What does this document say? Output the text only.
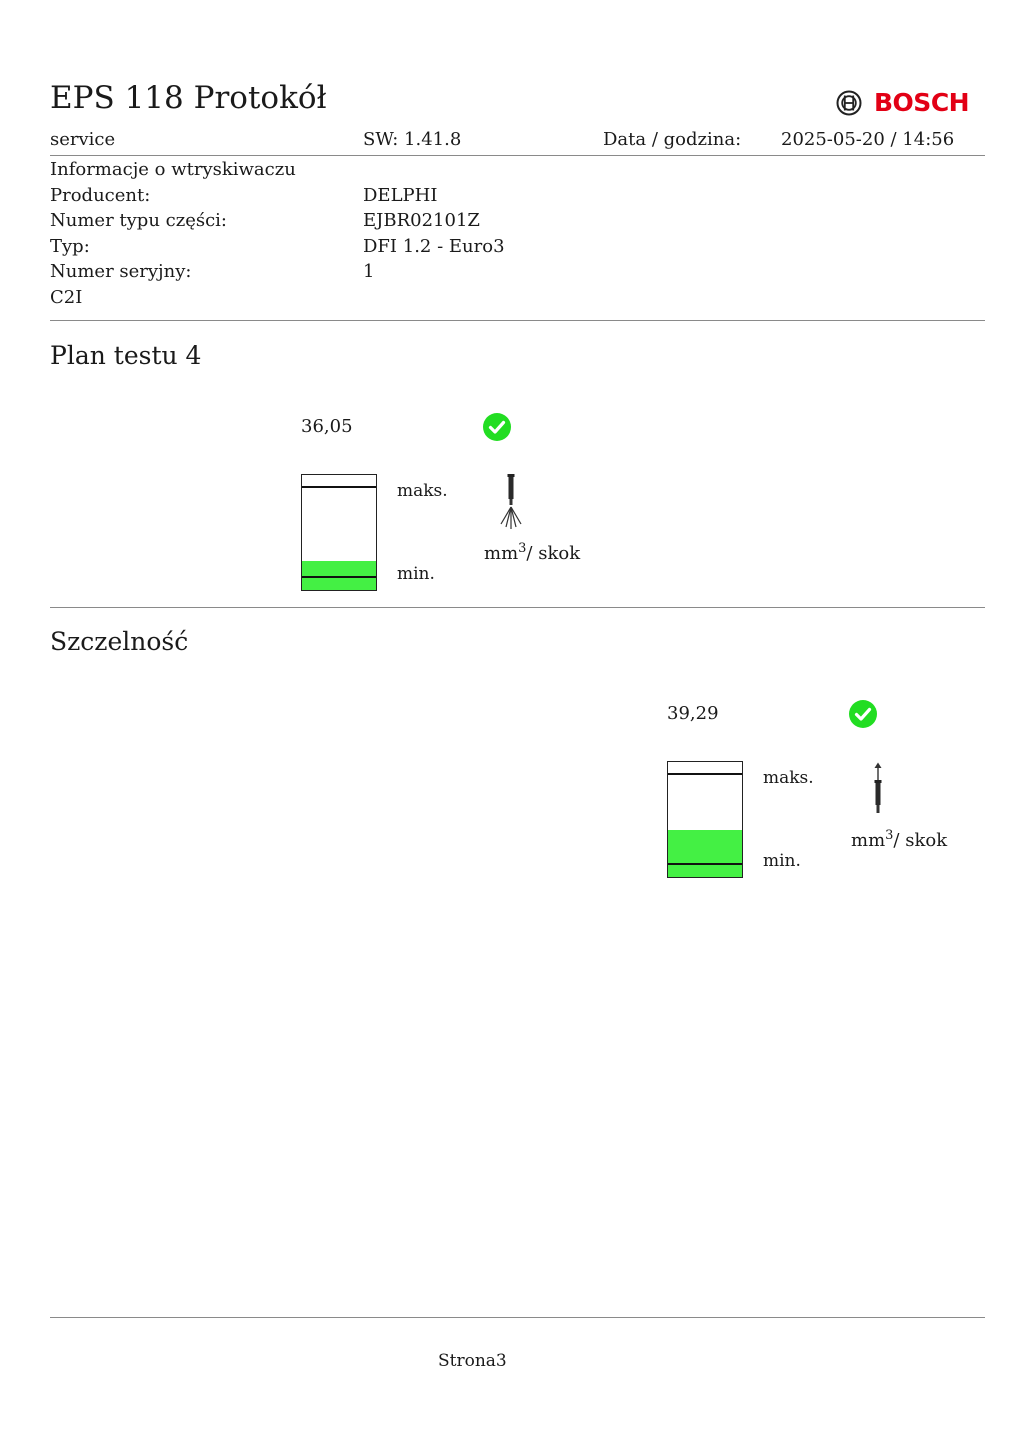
EPS 118 Protokół	BOSCH
service	SW: 1.41.8	Data / godzina: 2025-05-20 / 14:56
Informacje o wtryskiwaczu
Producent:	DELPHI
Numer typu części:	EJBR02101Z
Typ:	DFI 1.2 - Euro3
Numer seryjny:	1
C2I
Plan testu 4
36,05
maks.
min.
$mm^3/$ skok
Szczelność
39,29
maks.
min.
$mm^3/$ skok
Strona3
